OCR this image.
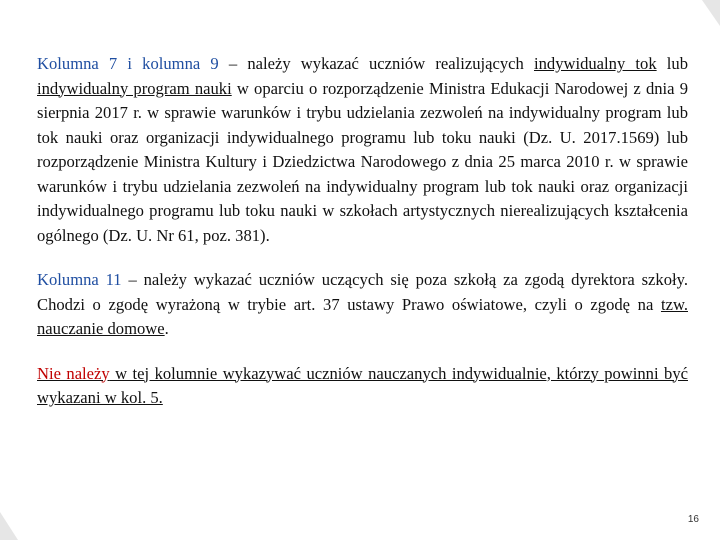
Kolumna 7 i kolumna 9 – należy wykazać uczniów realizujących indywidualny tok lub indywidualny program nauki w oparciu o rozporządzenie Ministra Edukacji Narodowej z dnia 9 sierpnia 2017 r. w sprawie warunków i trybu udzielania zezwoleń na indywidualny program lub tok nauki oraz organizacji indywidualnego programu lub toku nauki (Dz. U. 2017.1569) lub rozporządzenie Ministra Kultury i Dziedzictwa Narodowego z dnia 25 marca 2010 r. w sprawie warunków i trybu udzielania zezwoleń na indywidualny program lub tok nauki oraz organizacji indywidualnego programu lub toku nauki w szkołach artystycznych nierealizujących kształcenia ogólnego (Dz. U. Nr 61, poz. 381).

Kolumna 11 – należy wykazać uczniów uczących się poza szkołą za zgodą dyrektora szkoły. Chodzi o zgodę wyrażoną w trybie art. 37 ustawy Prawo oświatowe, czyli o zgodę na tzw. nauczanie domowe.

Nie należy w tej kolumnie wykazywać uczniów nauczanych indywidualnie, którzy powinni być wykazani w kol. 5.

16
